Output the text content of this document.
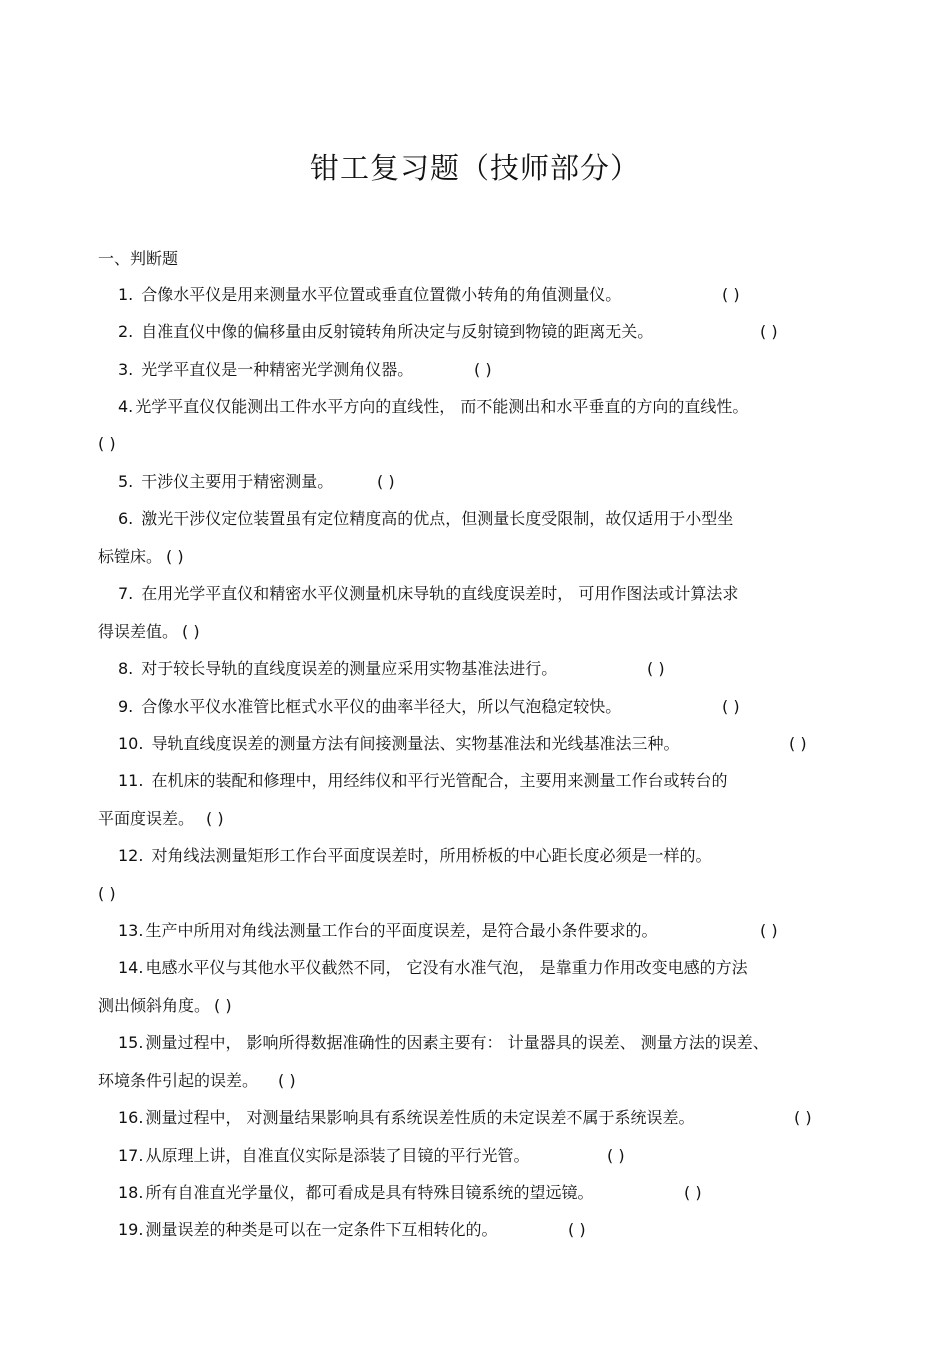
钳工复习题（技师部分）
一、判断题
1. 合像水平仪是用来测量水平位置或垂直位置微小转角的角值测量仪。	( )
2. 自准直仪中像的偏移量由反射镜转角所决定与反射镜到物镜的距离无关。	( )
3. 光学平直仪是一种精密光学测角仪器。	( )
4. 光学平直仪仅能测出工件水平方向的直线性， 而不能测出和水平垂直的方向的直线性。
( )
5. 干涉仪主要用于精密测量。	( )
6. 激光干涉仪定位装置虽有定位精度高的优点，但测量长度受限制，故仅适用于小型坐
标镗床。 ( )
7. 在用光学平直仪和精密水平仪测量机床导轨的直线度误差时， 可用作图法或计算法求
得误差值。 ( )
8. 对于较长导轨的直线度误差的测量应采用实物基准法进行。	( )
9. 合像水平仪水准管比框式水平仪的曲率半径大，所以气泡稳定较快。	( )
10. 导轨直线度误差的测量方法有间接测量法、实物基准法和光线基准法三种。	( )
11. 在机床的装配和修理中，用经纬仪和平行光管配合，主要用来测量工作台或转台的
平面度误差。 ( )
12. 对角线法测量矩形工作台平面度误差时，所用桥板的中心距长度必须是一样的。
( )
13. 生产中所用对角线法测量工作台的平面度误差，是符合最小条件要求的。	( )
14. 电感水平仪与其他水平仪截然不同， 它没有水准气泡， 是靠重力作用改变电感的方法
测出倾斜角度。 ( )
15. 测量过程中， 影响所得数据准确性的因素主要有： 计量器具的误差、 测量方法的误差、
环境条件引起的误差。 ( )
16. 测量过程中， 对测量结果影响具有系统误差性质的未定误差不属于系统误差。	( )
17. 从原理上讲，自准直仪实际是添装了目镜的平行光管。	( )
18. 所有自准直光学量仪，都可看成是具有特殊目镜系统的望远镜。	( )
19. 测量误差的种类是可以在一定条件下互相转化的。	( )
